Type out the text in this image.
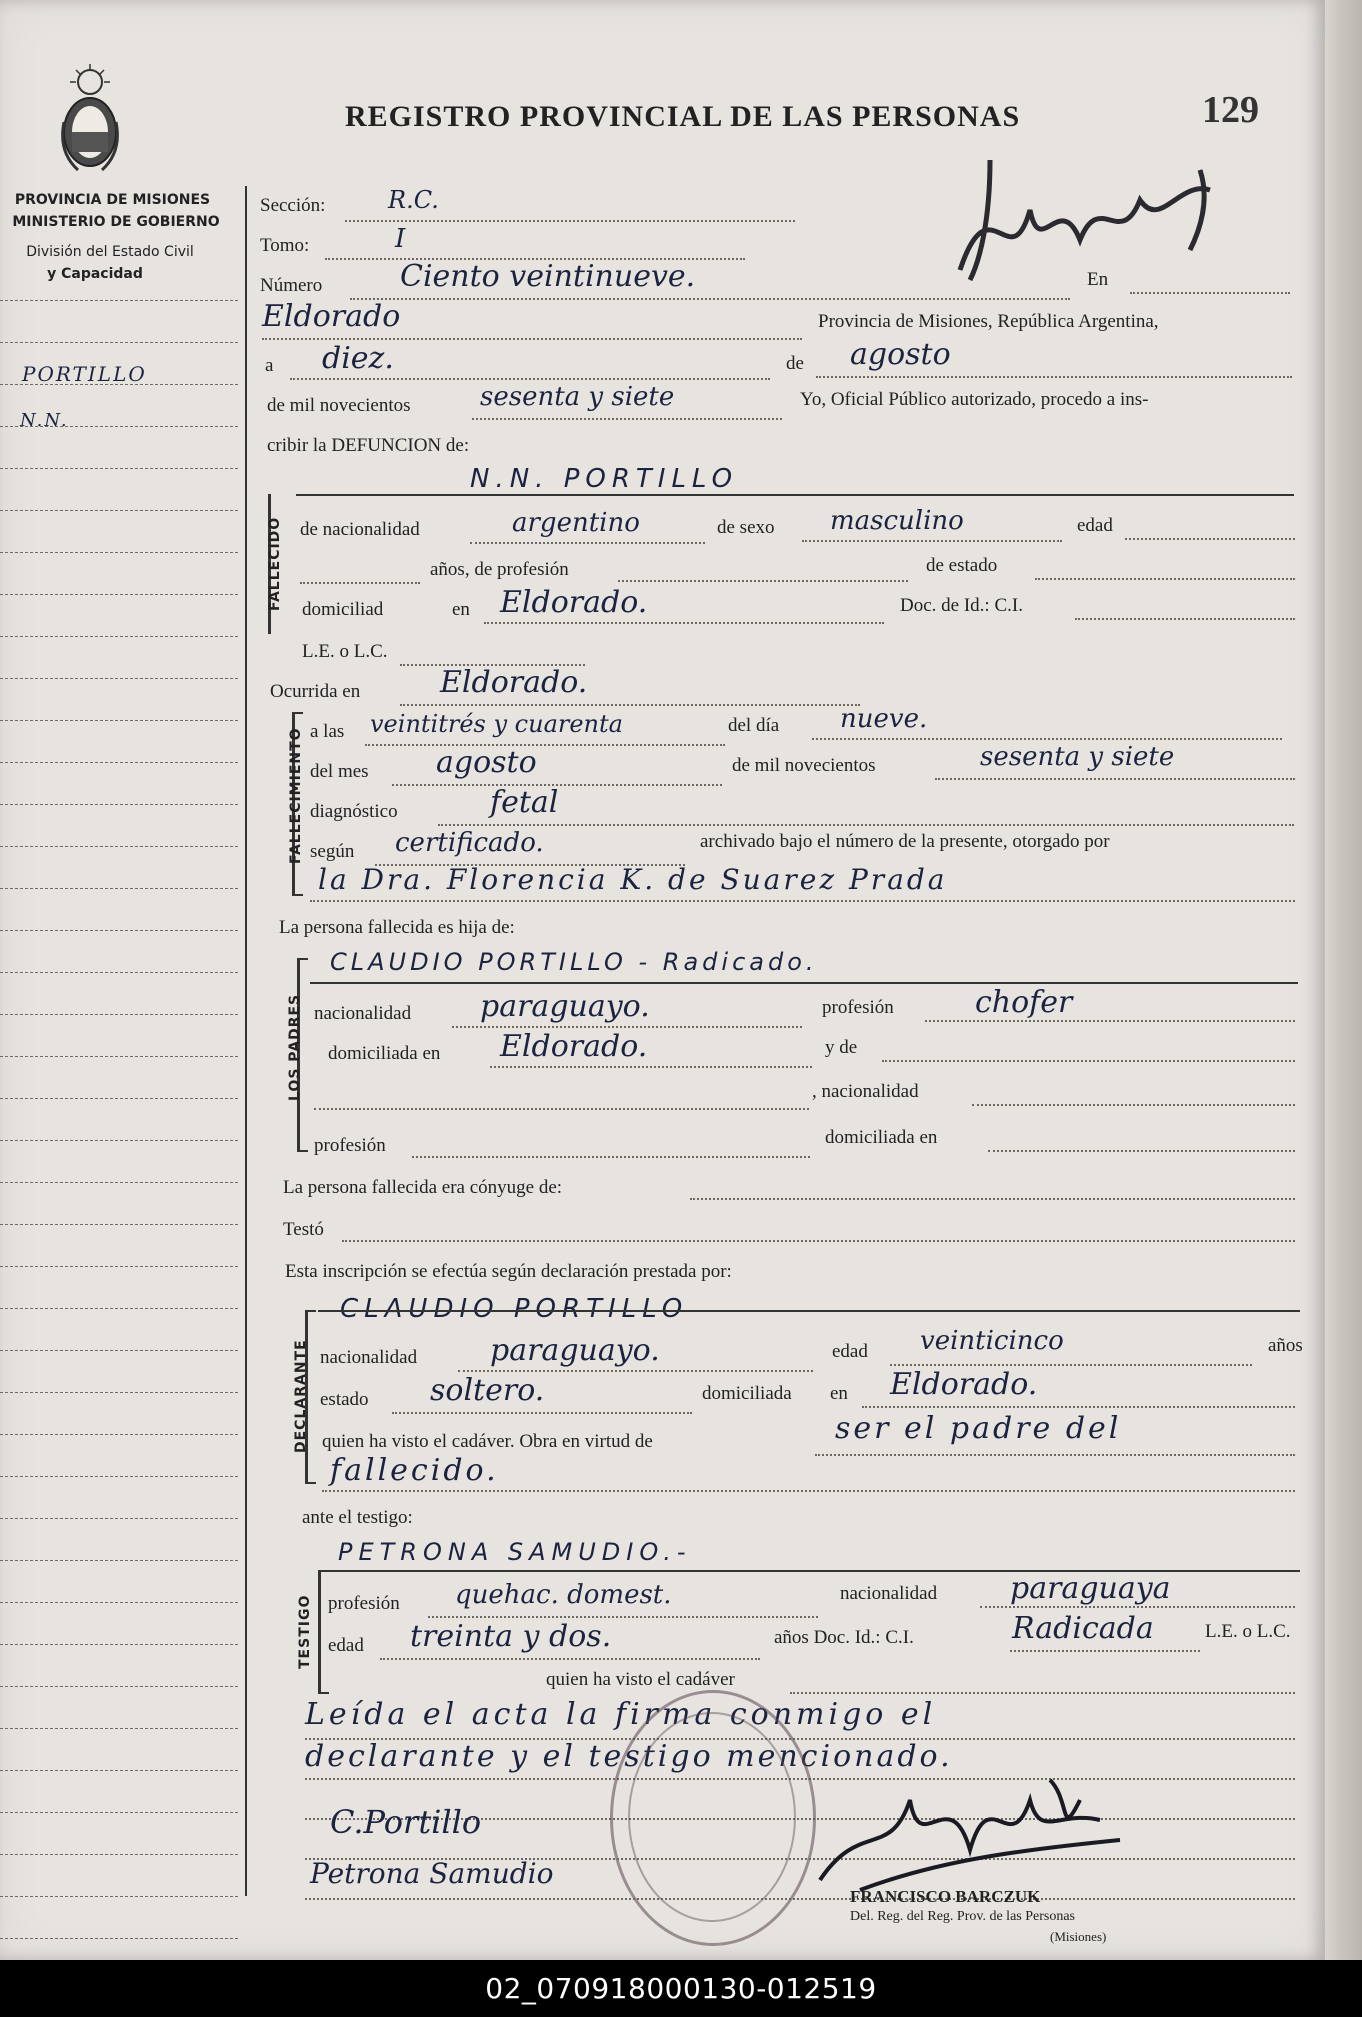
PROVINCIA DE MISIONES
MINISTERIO DE GOBIERNO
División del Estado Civil
y Capacidad
REGISTRO PROVINCIAL DE LAS PERSONAS	129
PORTILLO
N.N.
Sección:	R.C.
Tomo:	I
Número	Ciento veintinueve.	En
Eldorado	Provincia de Misiones, República Argentina,
a diez.	de agosto
de mil novecientos	sesenta y siete	Yo, Oficial Público autorizado, procedo a ins-
cribir la DEFUNCION de:
FALLECIDO
N.N. PORTILLO
de nacionalidad	argentino	de sexo masculino	edad
años, de profesión	de estado
domiciliad	en Eldorado.	Doc. de Id.: C.I.
L.E. o L.C.
Ocurrida en	Eldorado.
FALLECIMIENTO a las veintitrés y cuarenta	del día nueve.
del mes agosto	de mil novecientos	sesenta y siete
diagnóstico	fetal
según certificado.	archivado bajo el número de la presente, otorgado por
la Dra. Florencia K. de Suarez Prada
La persona fallecida es hija de:
LOS PADRES
CLAUDIO PORTILLO - Radicado.
nacionalidad paraguayo.	profesión	chofer
domiciliada en Eldorado.	y de
, nacionalidad
profesión	domiciliada en
La persona fallecida era cónyuge de:
Testó
Esta inscripción se efectúa según declaración prestada por:
DECLARANTE
CLAUDIO PORTILLO
nacionalidad paraguayo.	edad veinticinco	años
estado soltero.	domiciliada en Eldorado.
quien ha visto el cadáver. Obra en virtud de	ser el padre del
fallecido.
ante el testigo:
TESTIGO
PETRONA SAMUDIO.-
profesión quehac. domest.	nacionalidad paraguaya
edad treinta y dos.	años Doc. Id.: C.I.	Radicada	L.E. o L.C.
quien ha visto el cadáver
Leída el acta la firma conmigo el
declarante y el testigo mencionado.
C.Portillo
Petrona Samudio
FRANCISCO BARCZUK
Del. Reg. del Reg. Prov. de las Personas
(Misiones)
02_070918000130-012519
